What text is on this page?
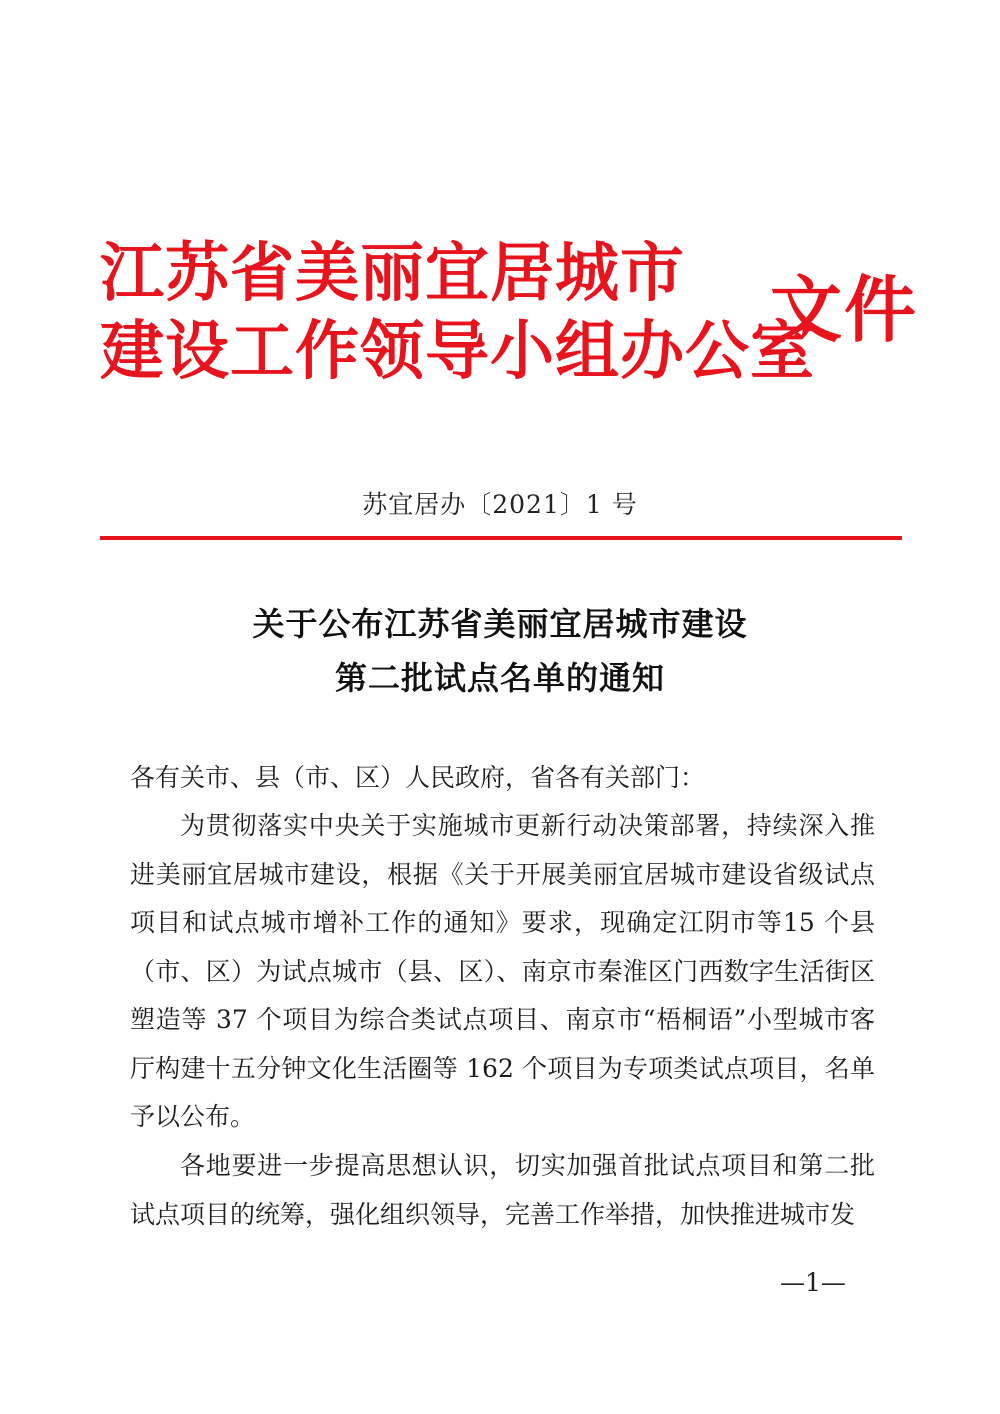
江苏省美丽宜居城市
建设工作领导小组办公室
文件
苏宜居办〔2021〕1 号
关于公布江苏省美丽宜居城市建设
第二批试点名单的通知
各有关市、县（市、区）人民政府，省各有关部门：
为贯彻落实中央关于实施城市更新行动决策部署，持续深入推进美丽宜居城市建设，根据《关于开展美丽宜居城市建设省级试点项目和试点城市增补工作的通知》要求，现确定江阴市等15 个县（市、区）为试点城市（县、区）、南京市秦淮区门西数字生活街区塑造等 37 个项目为综合类试点项目、南京市“梧桐语”小型城市客厅构建十五分钟文化生活圈等 162 个项目为专项类试点项目，名单予以公布。
各地要进一步提高思想认识，切实加强首批试点项目和第二批试点项目的统筹，强化组织领导，完善工作举措，加快推进城市发
—1—
